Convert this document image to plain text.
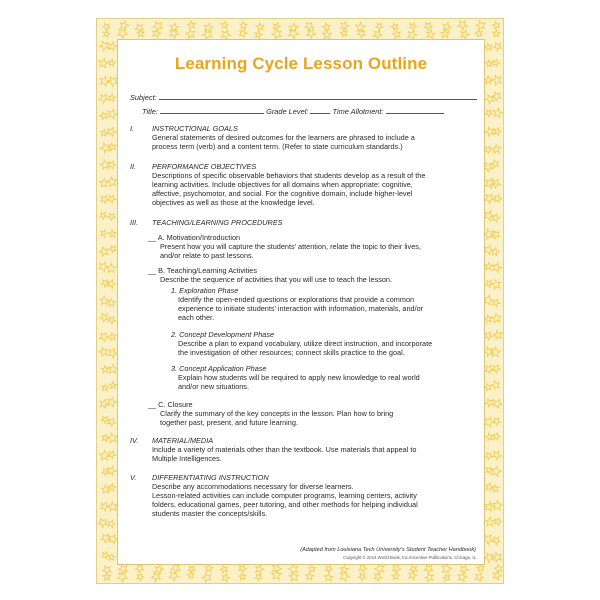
Learning Cycle Lesson Outline
Subject:
Title:	Grade Level:	Time Allotment:
I. INSTRUCTIONAL GOALS
General statements of desired outcomes for the learners are phrased to include a
process term (verb) and a content term. (Refer to state curriculum standards.)
II. PERFORMANCE OBJECTIVES
Descriptions of specific observable behaviors that students develop as a result of the
learning activities. Include objectives for all domains when appropriate: cognitive,
affective, psychomotor, and social. For the cognitive domain, include higher-level
objectives as well as those at the knowledge level.
III. TEACHING/LEARNING PROCEDURES
__ A. Motivation/Introduction
Present how you will capture the students’ attention, relate the topic to their lives,
and/or relate to past lessons.
__ B. Teaching/Learning Activities
Describe the sequence of activities that you will use to teach the lesson.
1. Exploration Phase
Identify the open-ended questions or explorations that provide a common
experience to initiate students’ interaction with information, materials, and/or
each other.
2. Concept Development Phase
Describe a plan to expand vocabulary, utilize direct instruction, and incorporate
the investigation of other resources; connect skills practice to the goal.
3. Concept Application Phase
Explain how students will be required to apply new knowledge to real world
and/or new situations.
__ C. Closure
Clarify the summary of the key concepts in the lesson. Plan how to bring
together past, present, and future learning.
IV. MATERIAL/MEDIA
Include a variety of materials other than the textbook. Use materials that appeal to
Multiple Intelligences.
V. DIFFERENTIATING INSTRUCTION
Describe any accommodations necessary for diverse learners.
Lesson-related activities can include computer programs, learning centers, activity
folders, educational games, peer tutoring, and other methods for helping individual
students master the concepts/skills.
(Adapted from Louisiana Tech University’s Student Teacher Handbook)
Copyright © 2014 World Book, Inc./Incentive Publications, Chicago, IL
